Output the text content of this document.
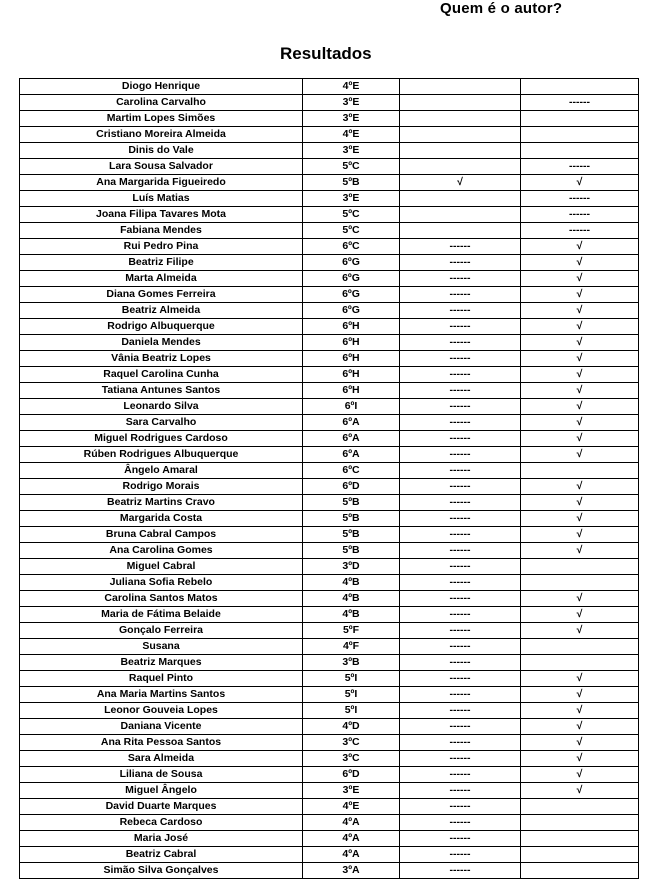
Quem é o autor?
Resultados
Diogo Henrique	4ºE		
Carolina Carvalho	3ºE		------
Martim Lopes Simões	3ºE		
Cristiano Moreira Almeida	4ºE		
Dinis do Vale	3ºE		
Lara Sousa Salvador	5ºC		------
Ana Margarida Figueiredo	5ºB	√	√
Luís Matias	3ºE		------
Joana Filipa Tavares Mota	5ºC		------
Fabiana Mendes	5ºC		------
Rui Pedro Pina	6ºC	------	√
Beatriz Filipe	6ºG	------	√
Marta Almeida	6ºG	------	√
Diana Gomes Ferreira	6ºG	------	√
Beatriz Almeida	6ºG	------	√
Rodrigo Albuquerque	6ºH	------	√
Daniela Mendes	6ºH	------	√
Vânia Beatriz Lopes	6ºH	------	√
Raquel Carolina Cunha	6ºH	------	√
Tatiana Antunes Santos	6ºH	------	√
Leonardo Silva	6ºI	------	√
Sara Carvalho	6ºA	------	√
Miguel Rodrigues Cardoso	6ºA	------	√
Rúben Rodrigues Albuquerque	6ºA	------	√
Ângelo Amaral	6ºC	------	
Rodrigo Morais	6ºD	------	√
Beatriz Martins Cravo	5ºB	------	√
Margarida Costa	5ºB	------	√
Bruna Cabral Campos	5ºB	------	√
Ana Carolina Gomes	5ºB	------	√
Miguel Cabral	3ºD	------	
Juliana Sofia Rebelo	4ºB	------	
Carolina Santos Matos	4ºB	------	√
Maria de Fátima Belaide	4ºB	------	√
Gonçalo Ferreira	5ºF	------	√
Susana	4ºF	------	
Beatriz Marques	3ºB	------	
Raquel Pinto	5ºI	------	√
Ana Maria Martins Santos	5ºI	------	√
Leonor Gouveia Lopes	5ºI	------	√
Daniana Vicente	4ºD	------	√
Ana Rita Pessoa Santos	3ºC	------	√
Sara Almeida	3ºC	------	√
Liliana de Sousa	6ºD	------	√
Miguel Ângelo	3ºE	------	√
David Duarte Marques	4ºE	------	
Rebeca Cardoso	4ºA	------	
Maria José	4ºA	------	
Beatriz Cabral	4ºA	------	
Simão Silva Gonçalves	3ºA	------	
